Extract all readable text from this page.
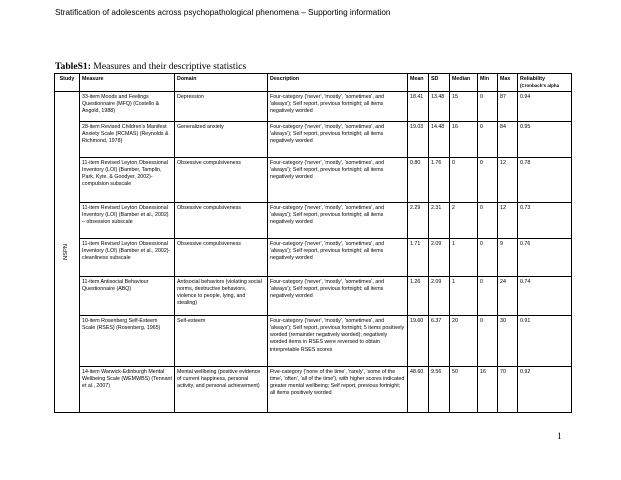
Stratification of adolescents across psychopathological phenomena – Supporting information
TableS1: Measures and their descriptive statistics
Study	Measure	Domain	Description	Mean	SD	Median	Min	Max	Reliability
(Cronbach's alpha

NSPN	33-item Moods and Feelings Questionnaire (MFQ) (Costello & Angold, 1988)	Depression	Four-category ('never', 'mostly', 'sometimes', and 'always'); Self report, previous fortnight; all items negatively worded	18.41	13.48	15	0	87	0.94
	28-item Revised Children's Manifest Anxiety Scale (RCMAS) (Reynolds & Richmond, 1978)	Generalized anxiety	Four-category ('never', 'mostly', 'sometimes', and 'always'); Self report, previous fortnight; all items negatively worded	19.03	14.48	16	0	84	0.95
	11-item Revised Leyton Obsessional Inventory (LOI) (Bamber, Tamplin, Park, Kyte, & Goodyer, 2002)- compulsion subscale	Obsessive compulsiveness	Four-category ('never', 'mostly', 'sometimes', and 'always'); Self report, previous fortnight; all items negatively worded	0.80	1.76	0	0	12	0.78
	11-item Revised Leyton Obsessional Inventory (LOI) (Bamber et al., 2002) – obsession subscale	Obsessive compulsiveness	Four-category ('never', 'mostly', 'sometimes', and 'always'); Self report, previous fortnight; all items negatively worded	2.29	2.31	2	0	12	0.73
	11-item Revised Leyton Obsessional Inventory (LOI) (Bamber et al., 2002)- cleanliness subscale	Obsessive compulsiveness	Four-category ('never', 'mostly', 'sometimes', and 'always'); Self report, previous fortnight; all items negatively worded	1.71	2.09	1	0	9	0.76
	11-item Antisocial Behaviour Questionnaire (ABQ)	Antisocial behaviors (violating social norms, destructive behaviors, violence to people, lying, and stealing)	Four-category ('never', 'mostly', 'sometimes', and 'always'); Self report, previous fortnight; all items negatively worded	1.26	2.09	1	0	24	0.74
	10-item Rosenberg Self-Esteem Scale (RSES) (Rosenberg, 1965)	Self-esteem	Four-category ('never', 'mostly', 'sometimes', and 'always'); Self report, previous fortnight; 5 items positively worded (remainder negatively worded); negatively worded items in RSES were reversed to obtain interpretable RSES scores	19.60	6.37	20	0	30	0.91
	14-item Warwick-Edinburgh Mental Wellbeing Scale (WEMWBS) (Tennant et al., 2007)	Mental wellbeing (positive evidence of current happiness, personal activity, and personal achievement)	Five-category ('none of the time', 'rarely', 'some of the time', 'often', 'all of the time'), with higher scores indicated greater mental wellbeing; Self report, previous fortnight; all items positively worded	48.60	9.56	50	16	70	0.92
1
